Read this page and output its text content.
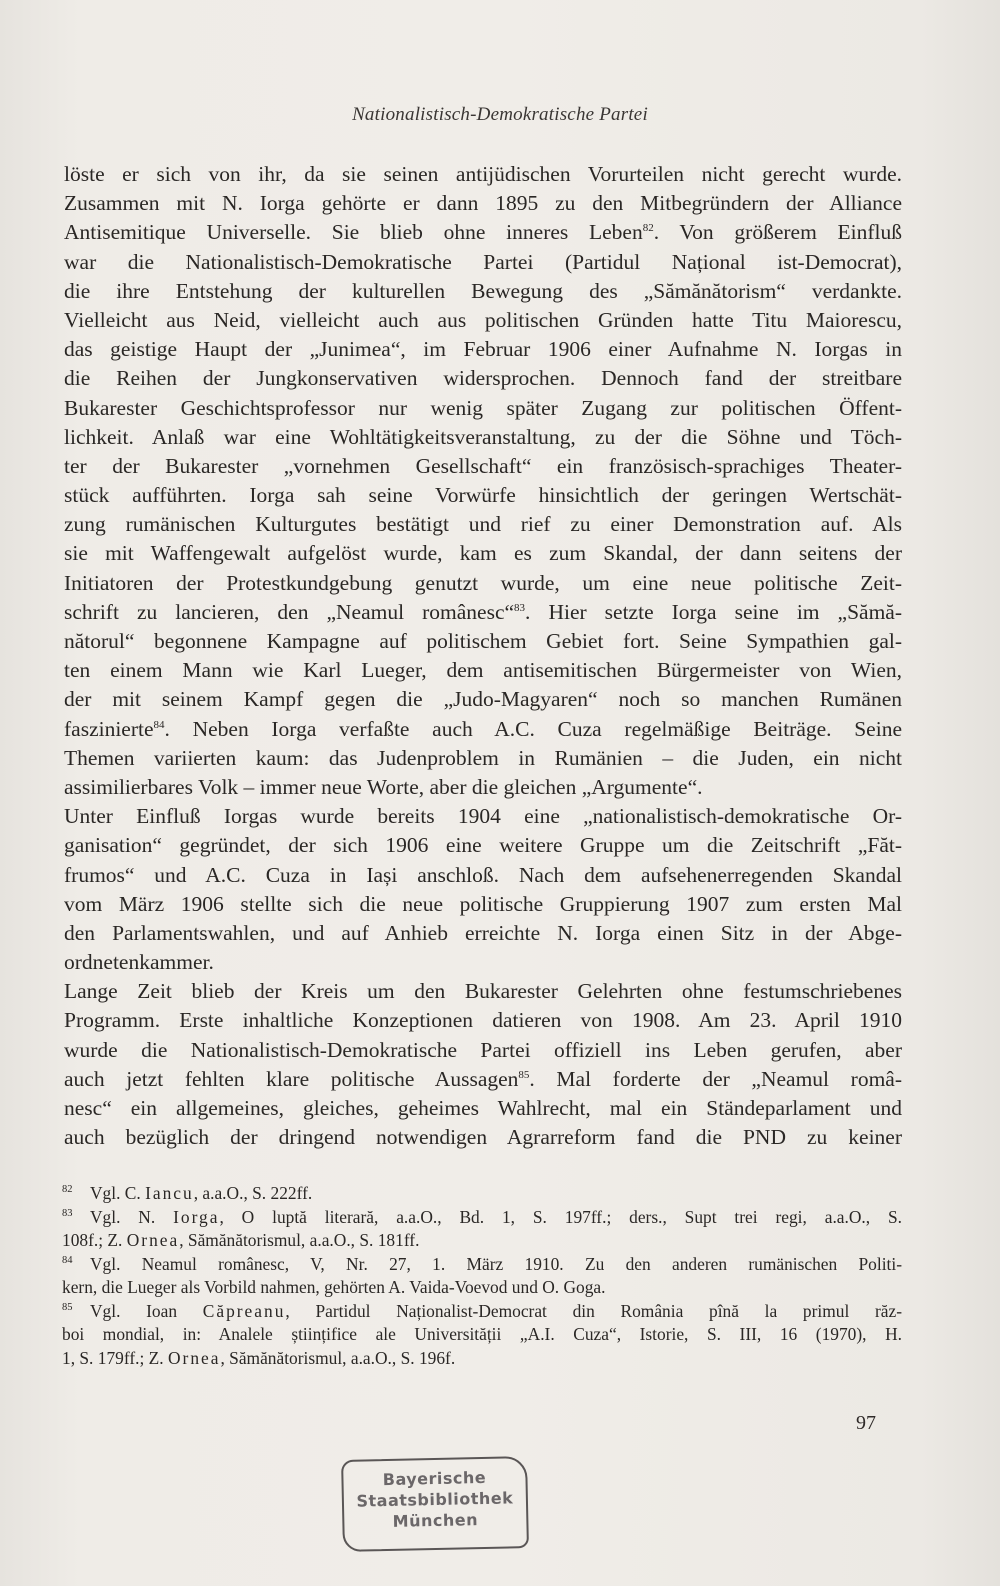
Nationalistisch-Demokratische Partei
löste er sich von ihr, da sie seinen antijüdischen Vorurteilen nicht gerecht wurde.
Zusammen mit N. Iorga gehörte er dann 1895 zu den Mitbegründern der Alliance
Antisemitique Universelle. Sie blieb ohne inneres Leben$^{82}$. Von größerem Einfluß
war die Nationalistisch-Demokratische Partei (Partidul Național ist-Democrat),
die ihre Entstehung der kulturellen Bewegung des „Sămănătorism“ verdankte.
Vielleicht aus Neid, vielleicht auch aus politischen Gründen hatte Titu Maiorescu,
das geistige Haupt der „Junimea“, im Februar 1906 einer Aufnahme N. Iorgas in
die Reihen der Jungkonservativen widersprochen. Dennoch fand der streitbare
Bukarester Geschichtsprofessor nur wenig später Zugang zur politischen Öffent-
lichkeit. Anlaß war eine Wohltätigkeitsveranstaltung, zu der die Söhne und Töch-
ter der Bukarester „vornehmen Gesellschaft“ ein französisch-sprachiges Theater-
stück aufführten. Iorga sah seine Vorwürfe hinsichtlich der geringen Wertschät-
zung rumänischen Kulturgutes bestätigt und rief zu einer Demonstration auf. Als
sie mit Waffengewalt aufgelöst wurde, kam es zum Skandal, der dann seitens der
Initiatoren der Protestkundgebung genutzt wurde, um eine neue politische Zeit-
schrift zu lancieren, den „Neamul românesc“$^{83}$. Hier setzte Iorga seine im „Sămă-
nătorul“ begonnene Kampagne auf politischem Gebiet fort. Seine Sympathien gal-
ten einem Mann wie Karl Lueger, dem antisemitischen Bürgermeister von Wien,
der mit seinem Kampf gegen die „Judo-Magyaren“ noch so manchen Rumänen
faszinierte$^{84}$. Neben Iorga verfaßte auch A.C. Cuza regelmäßige Beiträge. Seine
Themen variierten kaum: das Judenproblem in Rumänien – die Juden, ein nicht
assimilierbares Volk – immer neue Worte, aber die gleichen „Argumente“.
Unter Einfluß Iorgas wurde bereits 1904 eine „nationalistisch-demokratische Or-
ganisation“ gegründet, der sich 1906 eine weitere Gruppe um die Zeitschrift „Făt-
frumos“ und A.C. Cuza in Iași anschloß. Nach dem aufsehenerregenden Skandal
vom März 1906 stellte sich die neue politische Gruppierung 1907 zum ersten Mal
den Parlamentswahlen, und auf Anhieb erreichte N. Iorga einen Sitz in der Abge-
ordnetenkammer.
Lange Zeit blieb der Kreis um den Bukarester Gelehrten ohne festumschriebenes
Programm. Erste inhaltliche Konzeptionen datieren von 1908. Am 23. April 1910
wurde die Nationalistisch-Demokratische Partei offiziell ins Leben gerufen, aber
auch jetzt fehlten klare politische Aussagen$^{85}$. Mal forderte der „Neamul româ-
nesc“ ein allgemeines, gleiches, geheimes Wahlrecht, mal ein Ständeparlament und
auch bezüglich der dringend notwendigen Agrarreform fand die PND zu keiner
82 Vgl. C. Iancu, a.a.O., S. 222ff.
83 Vgl. N. Iorga, O luptă literară, a.a.O., Bd. 1, S. 197ff.; ders., Supt trei regi, a.a.O., S.
108f.; Z. Ornea, Sămănătorismul, a.a.O., S. 181ff.
84 Vgl. Neamul românesc, V, Nr. 27, 1. März 1910. Zu den anderen rumänischen Politi-
kern, die Lueger als Vorbild nahmen, gehörten A. Vaida-Voevod und O. Goga.
85 Vgl. Ioan Căpreanu, Partidul Naționalist-Democrat din România pînă la primul răz-
boi mondial, in: Analele științifice ale Universității „A.I. Cuza“, Istorie, S. III, 16 (1970), H.
1, S. 179ff.; Z. Ornea, Sămănătorismul, a.a.O., S. 196f.
97
Bayerische
Staatsbibliothek
München
